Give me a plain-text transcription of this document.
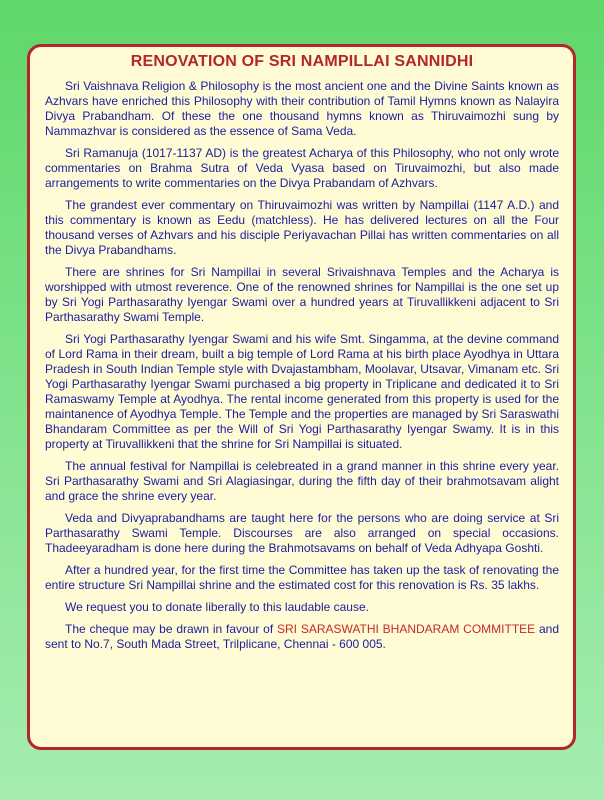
RENOVATION OF SRI NAMPILLAI SANNIDHI

Sri Vaishnava Religion & Philosophy is the most ancient one and the Divine Saints known as Azhvars have enriched this Philosophy with their contribution of Tamil Hymns known as Nalayira Divya Prabandham. Of these the one thousand hymns known as Thiruvaimozhi sung by Nammazhvar is considered as the essence of Sama Veda.

Sri Ramanuja (1017-1137 AD) is the greatest Acharya of this Philosophy, who not only wrote commentaries on Brahma Sutra of Veda Vyasa based on Tiruvaimozhi, but also made arrangements to write commentaries on the Divya Prabandam of Azhvars.

The grandest ever commentary on Thiruvaimozhi was written by Nampillai (1147 A.D.) and this commentary is known as Eedu (matchless). He has delivered lectures on all the Four thousand verses of Azhvars and his disciple Periyavachan Pillai has written commentaries on all the Divya Prabandhams.

There are shrines for Sri Nampillai in several Srivaishnava Temples and the Acharya is worshipped with utmost reverence. One of the renowned shrines for Nampillai is the one set up by Sri Yogi Parthasarathy Iyengar Swami over a hundred years at Tiruvallikkeni adjacent to Sri Parthasarathy Swami Temple.

Sri Yogi Parthasarathy Iyengar Swami and his wife Smt. Singamma, at the devine command of Lord Rama in their dream, built a big temple of Lord Rama at his birth place Ayodhya in Uttara Pradesh in South Indian Temple style with Dvajastambham, Moolavar, Utsavar, Vimanam etc. Sri Yogi Parthasarathy Iyengar Swami purchased a big property in Triplicane and dedicated it to Sri Ramaswamy Temple at Ayodhya. The rental income generated from this property is used for the maintanence of Ayodhya Temple. The Temple and the properties are managed by Sri Saraswathi Bhandaram Committee as per the Will of Sri Yogi Parthasarathy Iyengar Swamy. It is in this property at Tiruvallikkeni that the shrine for Sri Nampillai is situated.

The annual festival for Nampillai is celebreated in a grand manner in this shrine every year. Sri Parthasarathy Swami and Sri Alagiasingar, during the fifth day of their brahmotsavam alight and grace the shrine every year.

Veda and Divyaprabandhams are taught here for the persons who are doing service at Sri Parthasarathy Swami Temple. Discourses are also arranged on special occasions. Thadeeyaradham is done here during the Brahmotsavams on behalf of Veda Adhyapa Goshti.

After a hundred year, for the first time the Committee has taken up the task of renovating the entire structure Sri Nampillai shrine and the estimated cost for this renovation is Rs. 35 lakhs.

We request you to donate liberally to this laudable cause.

The cheque may be drawn in favour of SRI SARASWATHI BHANDARAM COMMITTEE and sent to No.7, South Mada Street, Trilplicane, Chennai - 600 005.
